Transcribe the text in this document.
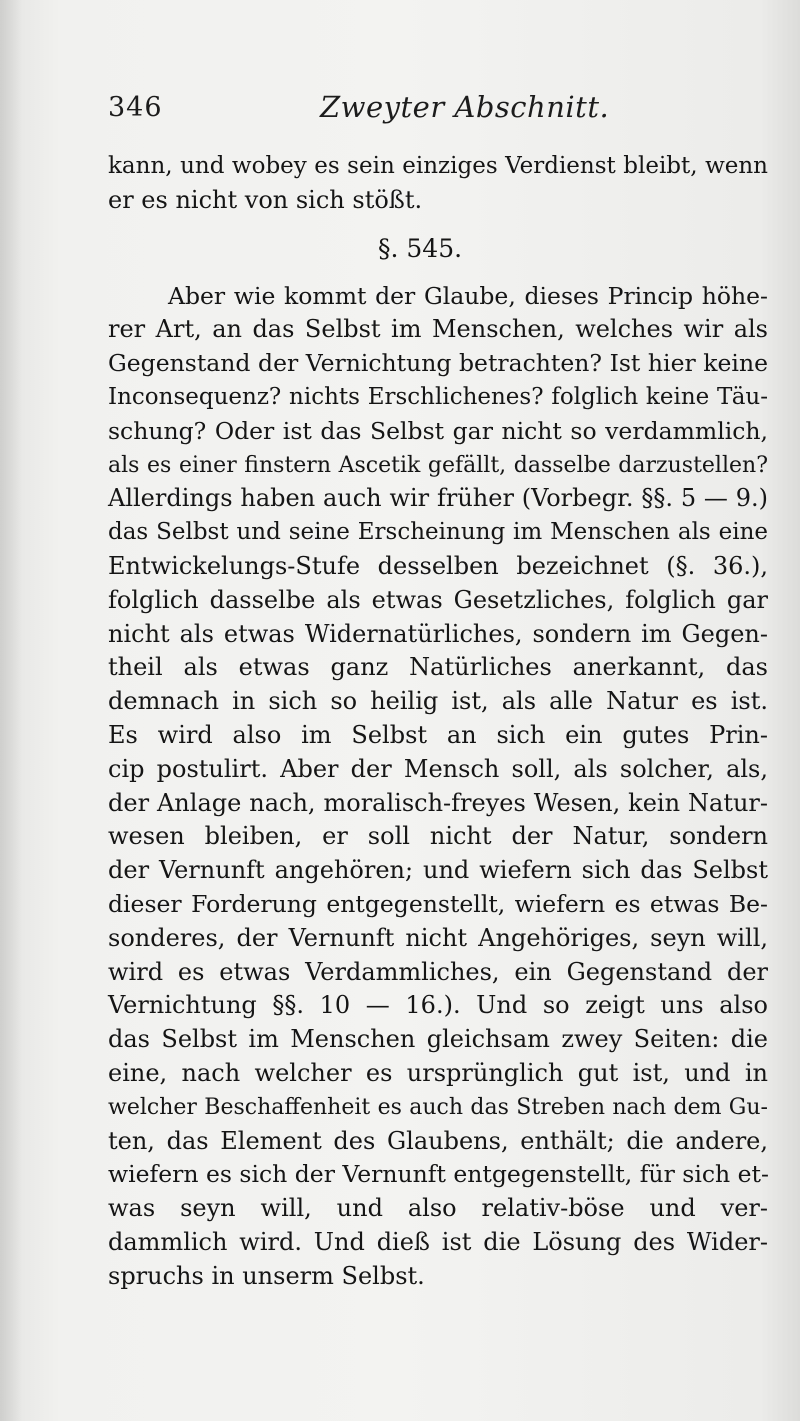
346	Zweyter Abschnitt.
kann, und wobey es sein einziges Verdienst bleibt, wenn
er es nicht von sich stößt.
§. 545.
Aber wie kommt der Glaube, dieses Princip höhe-
rer Art, an das Selbst im Menschen, welches wir als
Gegenstand der Vernichtung betrachten? Ist hier keine
Inconsequenz? nichts Erschlichenes? folglich keine Täu-
schung? Oder ist das Selbst gar nicht so verdammlich,
als es einer finstern Ascetik gefällt, dasselbe darzustellen?
Allerdings haben auch wir früher (Vorbegr. §§. 5 — 9.)
das Selbst und seine Erscheinung im Menschen als eine
Entwickelungs-Stufe desselben bezeichnet (§. 36.),
folglich dasselbe als etwas Gesetzliches, folglich gar
nicht als etwas Widernatürliches, sondern im Gegen-
theil als etwas ganz Natürliches anerkannt, das
demnach in sich so heilig ist, als alle Natur es ist.
Es wird also im Selbst an sich ein gutes Prin-
cip postulirt. Aber der Mensch soll, als solcher, als,
der Anlage nach, moralisch-freyes Wesen, kein Natur-
wesen bleiben, er soll nicht der Natur, sondern
der Vernunft angehören; und wiefern sich das Selbst
dieser Forderung entgegenstellt, wiefern es etwas Be-
sonderes, der Vernunft nicht Angehöriges, seyn will,
wird es etwas Verdammliches, ein Gegenstand der
Vernichtung §§. 10 — 16.). Und so zeigt uns also
das Selbst im Menschen gleichsam zwey Seiten: die
eine, nach welcher es ursprünglich gut ist, und in
welcher Beschaffenheit es auch das Streben nach dem Gu-
ten, das Element des Glaubens, enthält; die andere,
wiefern es sich der Vernunft entgegenstellt, für sich et-
was seyn will, und also relativ-böse und ver-
dammlich wird. Und dieß ist die Lösung des Wider-
spruchs in unserm Selbst.
